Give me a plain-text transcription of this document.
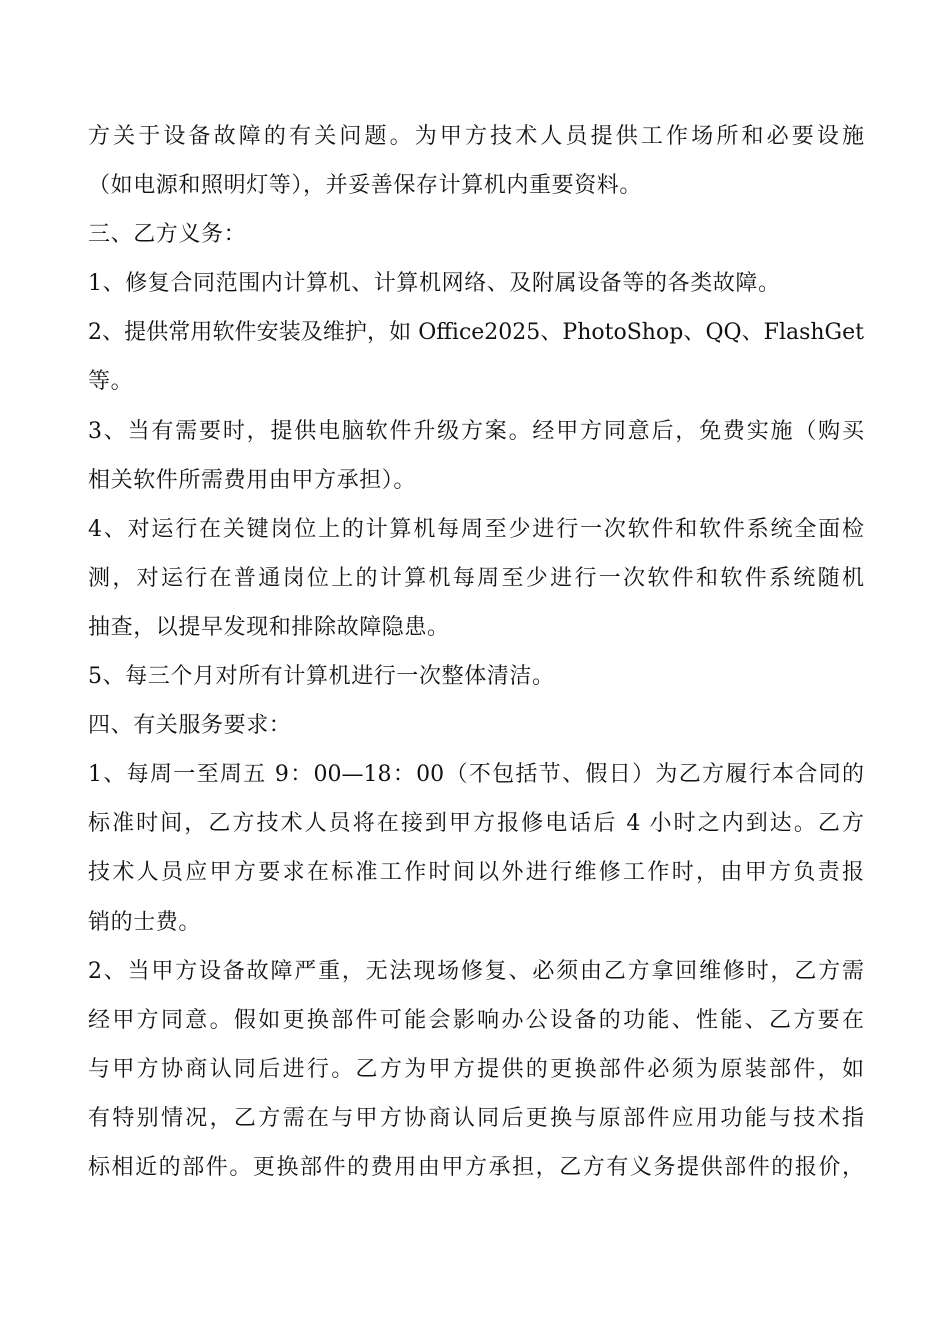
方关于设备故障的有关问题。为甲方技术人员提供工作场所和必要设施
（如电源和照明灯等），并妥善保存计算机内重要资料。
三、乙方义务：
1、修复合同范围内计算机、计算机网络、及附属设备等的各类故障。
2、提供常用软件安装及维护，如 Office2025、PhotoShop、QQ、FlashGet
等。
3、当有需要时，提供电脑软件升级方案。经甲方同意后，免费实施（购买
相关软件所需费用由甲方承担）。
4、对运行在关键岗位上的计算机每周至少进行一次软件和软件系统全面检
测，对运行在普通岗位上的计算机每周至少进行一次软件和软件系统随机
抽查，以提早发现和排除故障隐患。
5、每三个月对所有计算机进行一次整体清洁。
四、有关服务要求：
1、每周一至周五 9：00—18：00（不包括节、假日）为乙方履行本合同的
标准时间，乙方技术人员将在接到甲方报修电话后 4 小时之内到达。乙方
技术人员应甲方要求在标准工作时间以外进行维修工作时，由甲方负责报
销的士费。
2、当甲方设备故障严重，无法现场修复、必须由乙方拿回维修时，乙方需
经甲方同意。假如更换部件可能会影响办公设备的功能、性能、乙方要在
与甲方协商认同后进行。乙方为甲方提供的更换部件必须为原装部件，如
有特别情况，乙方需在与甲方协商认同后更换与原部件应用功能与技术指
标相近的部件。更换部件的费用由甲方承担，乙方有义务提供部件的报价，
